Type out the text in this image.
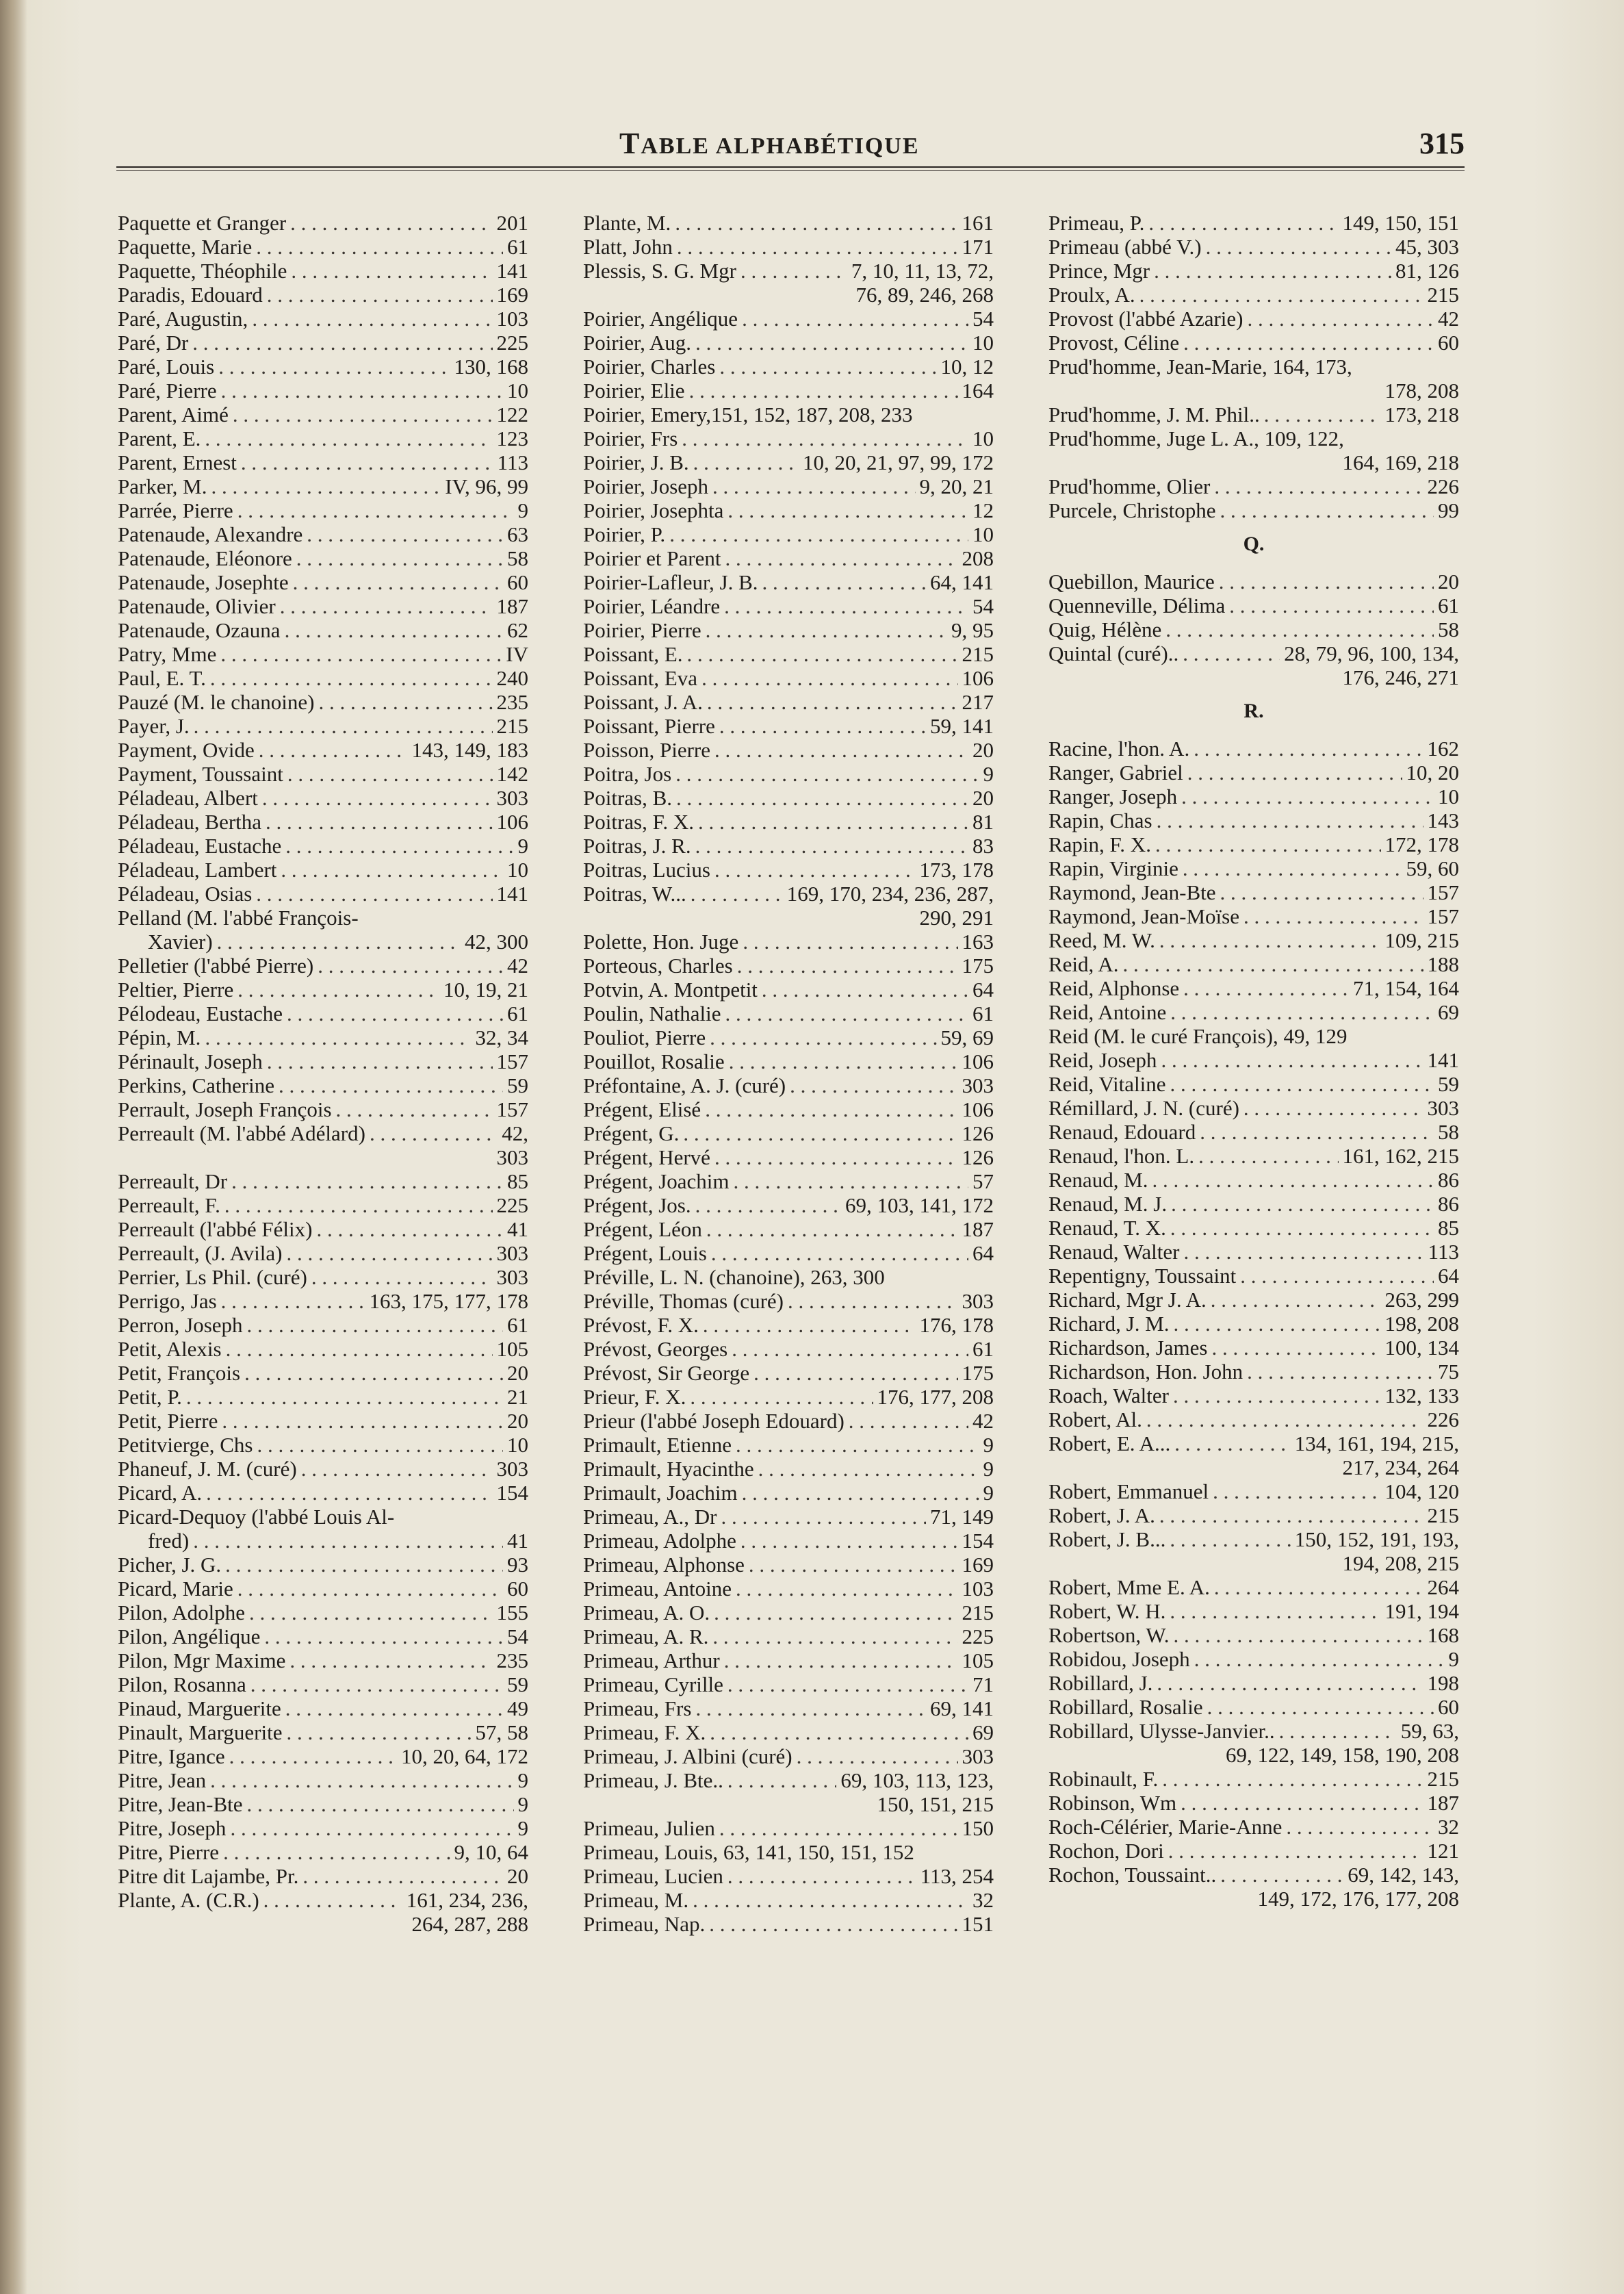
TABLE ALPHABÉTIQUE	315
Paquette et Granger . . .	201
Paquette, Marie . . .	61
Paquette, Théophile . . .	141
Paradis, Edouard . . .	169
Paré, Augustin, . . .	103
Paré, Dr . . .	225
Paré, Louis . . .	130, 168
Paré, Pierre . . .	10
Parent, Aimé . . .	122
Parent, E. . . .	123
Parent, Ernest . . .	113
Parker, M. . . .	IV, 96, 99
Parrée, Pierre . . .	9
Patenaude, Alexandre . . .	63
Patenaude, Eléonore . . .	58
Patenaude, Josephte . . .	60
Patenaude, Olivier . . .	187
Patenaude, Ozauna . . .	62
Patry, Mme . . .	IV
Paul, E. T. . . .	240
Pauzé (M. le chanoine) . . .	235
Payer, J. . . .	215
Payment, Ovide . . .	143, 149, 183
Payment, Toussaint . . .	142
Péladeau, Albert . . .	303
Péladeau, Bertha . . .	106
Péladeau, Eustache . . .	9
Péladeau, Lambert . . .	10
Péladeau, Osias . . .	141
Pelland (M. l'abbé François-
Xavier) . . .	42, 300
Pelletier (l'abbé Pierre) . . .	42
Peltier, Pierre . . .	10, 19, 21
Pélodeau, Eustache . . .	61
Pépin, M. . . .	32, 34
Périnault, Joseph . . .	157
Perkins, Catherine . . .	59
Perrault, Joseph François . . .	157
Perreault (M. l'abbé Adélard) . . .	42,
303
Perreault, Dr . . .	85
Perreault, F. . . .	225
Perreault (l'abbé Félix) . . .	41
Perreault, (J. Avila) . . .	303
Perrier, Ls Phil. (curé) . . .	303
Perrigo, Jas . . .	163, 175, 177, 178
Perron, Joseph . . .	61
Petit, Alexis . . .	105
Petit, François . . .	20
Petit, P. . . .	21
Petit, Pierre . . .	20
Petitvierge, Chs . . .	10
Phaneuf, J. M. (curé) . . .	303
Picard, A. . . .	154
Picard-Dequoy (l'abbé Louis Al-
fred) . . .	41
Picher, J. G. . . .	93
Picard, Marie . . .	60
Pilon, Adolphe . . .	155
Pilon, Angélique . . .	54
Pilon, Mgr Maxime . . .	235
Pilon, Rosanna . . .	59
Pinaud, Marguerite . . .	49
Pinault, Marguerite . . .	57, 58
Pitre, Igance . . .	10, 20, 64, 172
Pitre, Jean . . .	9
Pitre, Jean-Bte . . .	9
Pitre, Joseph . . .	9
Pitre, Pierre . . .	9, 10, 64
Pitre dit Lajambe, Pr. . . .	20
Plante, A. (C.R.) . . .	161, 234, 236,
264, 287, 288
Plante, M. . . .	161
Platt, John . . .	171
Plessis, S. G. Mgr . . .	7, 10, 11, 13, 72,
76, 89, 246, 268
Poirier, Angélique . . .	54
Poirier, Aug. . . .	10
Poirier, Charles . . .	10, 12
Poirier, Elie . . .	164
Poirier, Emery,151, 152, 187, 208, 233
Poirier, Frs . . .	10
Poirier, J. B. . . .	10, 20, 21, 97, 99, 172
Poirier, Joseph . . .	9, 20, 21
Poirier, Josephta . . .	12
Poirier, P. . . .	10
Poirier et Parent . . .	208
Poirier-Lafleur, J. B. . . .	64, 141
Poirier, Léandre . . .	54
Poirier, Pierre . . .	9, 95
Poissant, E. . . .	215
Poissant, Eva . . .	106
Poissant, J. A. . . .	217
Poissant, Pierre . . .	59, 141
Poisson, Pierre . . .	20
Poitra, Jos . . .	9
Poitras, B. . . .	20
Poitras, F. X. . . .	81
Poitras, J. R. . . .	83
Poitras, Lucius . . .	173, 178
Poitras, W... . . .	169, 170, 234, 236, 287,
290, 291
Polette, Hon. Juge . . .	163
Porteous, Charles . . .	175
Potvin, A. Montpetit . . .	64
Poulin, Nathalie . . .	61
Pouliot, Pierre . . .	59, 69
Pouillot, Rosalie . . .	106
Préfontaine, A. J. (curé) . . .	303
Prégent, Elisé . . .	106
Prégent, G. . . .	126
Prégent, Hervé . . .	126
Prégent, Joachim . . .	57
Prégent, Jos. . . .	69, 103, 141, 172
Prégent, Léon . . .	187
Prégent, Louis . . .	64
Préville, L. N. (chanoine), 263, 300
Préville, Thomas (curé) . . .	303
Prévost, F. X. . . .	176, 178
Prévost, Georges . . .	61
Prévost, Sir George . . .	175
Prieur, F. X. . . .	176, 177, 208
Prieur (l'abbé Joseph Edouard) . . .	42
Primault, Etienne . . .	9
Primault, Hyacinthe . . .	9
Primault, Joachim . . .	9
Primeau, A., Dr . . .	71, 149
Primeau, Adolphe . . .	154
Primeau, Alphonse . . .	169
Primeau, Antoine . . .	103
Primeau, A. O. . . .	215
Primeau, A. R. . . .	225
Primeau, Arthur . . .	105
Primeau, Cyrille . . .	71
Primeau, Frs . . .	69, 141
Primeau, F. X. . . .	69
Primeau, J. Albini (curé) . . .	303
Primeau, J. Bte.. . . .	69, 103, 113, 123,
150, 151, 215
Primeau, Julien . . .	150
Primeau, Louis, 63, 141, 150, 151, 152
Primeau, Lucien . . .	113, 254
Primeau, M. . . .	32
Primeau, Nap. . . .	151
Primeau, P. . . .	149, 150, 151
Primeau (abbé V.) . . .	45, 303
Prince, Mgr . . .	81, 126
Proulx, A. . . .	215
Provost (l'abbé Azarie) . . .	42
Provost, Céline . . .	60
Prud'homme, Jean-Marie, 164, 173,
178, 208
Prud'homme, J. M. Phil.. . . .	173, 218
Prud'homme, Juge L. A., 109, 122,
164, 169, 218
Prud'homme, Olier . . .	226
Purcele, Christophe . . .	99
Q.
Quebillon, Maurice . . .	20
Quenneville, Délima . . .	61
Quig, Hélène . . .	58
Quintal (curé).. . . .	28, 79, 96, 100, 134,
176, 246, 271
R.
Racine, l'hon. A. . . .	162
Ranger, Gabriel . . .	10, 20
Ranger, Joseph . . .	10
Rapin, Chas . . .	143
Rapin, F. X. . . .	172, 178
Rapin, Virginie . . .	59, 60
Raymond, Jean-Bte . . .	157
Raymond, Jean-Moïse . . .	157
Reed, M. W. . . .	109, 215
Reid, A. . . .	188
Reid, Alphonse . . .	71, 154, 164
Reid, Antoine . . .	69
Reid (M. le curé François), 49, 129
Reid, Joseph . . .	141
Reid, Vitaline . . .	59
Rémillard, J. N. (curé) . . .	303
Renaud, Edouard . . .	58
Renaud, l'hon. L. . . .	161, 162, 215
Renaud, M. . . .	86
Renaud, M. J. . . .	86
Renaud, T. X. . . .	85
Renaud, Walter . . .	113
Repentigny, Toussaint . . .	64
Richard, Mgr J. A. . . .	263, 299
Richard, J. M. . . .	198, 208
Richardson, James . . .	100, 134
Richardson, Hon. John . . .	75
Roach, Walter . . .	132, 133
Robert, Al. . . .	226
Robert, E. A... . . .	134, 161, 194, 215,
217, 234, 264
Robert, Emmanuel . . .	104, 120
Robert, J. A. . . .	215
Robert, J. B... . . .	150, 152, 191, 193,
194, 208, 215
Robert, Mme E. A. . . .	264
Robert, W. H. . . .	191, 194
Robertson, W. . . .	168
Robidou, Joseph . . .	9
Robillard, J. . . .	198
Robillard, Rosalie . . .	60
Robillard, Ulysse-Janvier.. . . .	59, 63,
69, 122, 149, 158, 190, 208
Robinault, F. . . .	215
Robinson, Wm . . .	187
Roch-Célérier, Marie-Anne . . .	32
Rochon, Dori . . .	121
Rochon, Toussaint.. . . .	69, 142, 143,
149, 172, 176, 177, 208
